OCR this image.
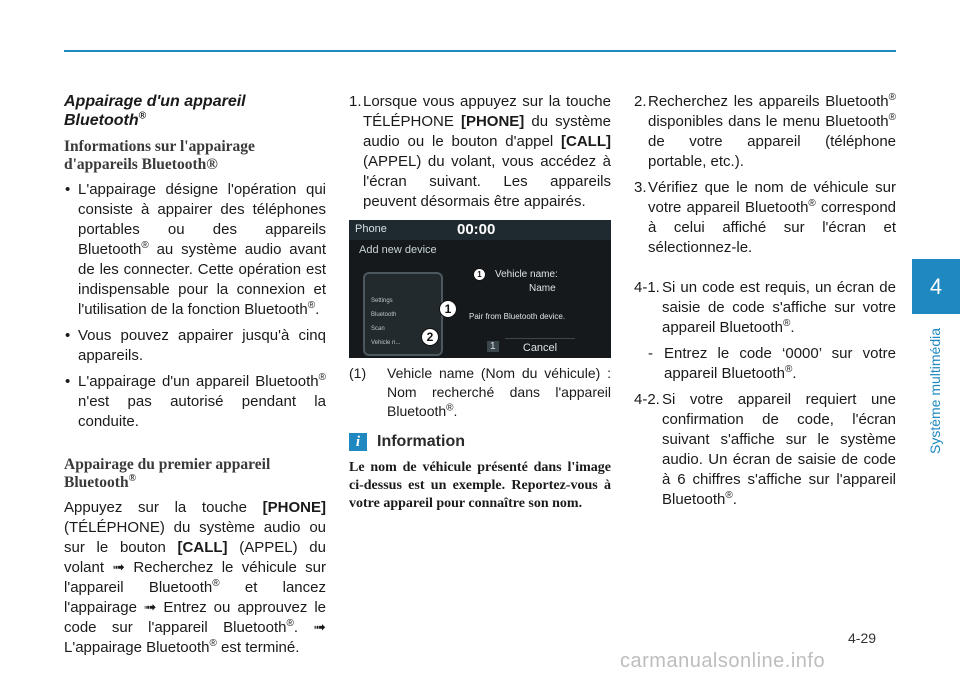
Appairage d'un appareil Bluetooth®
Informations sur l'appairage d'appareils Bluetooth®
• L'appairage désigne l'opération qui consiste à appairer des téléphones portables ou des appareils Bluetooth® au système audio avant de les connecter. Cette opération est indispensable pour la connexion et l'utilisation de la fonction Bluetooth®.
• Vous pouvez appairer jusqu'à cinq appareils.
• L'appairage d'un appareil Bluetooth® n'est pas autorisé pendant la conduite.
Appairage du premier appareil Bluetooth®
Appuyez sur la touche [PHONE] (TÉLÉPHONE) du système audio ou sur le bouton [CALL] (APPEL) du volant ➟ Recherchez le véhicule sur l'appareil Bluetooth® et lancez l'appairage ➟ Entrez ou approuvez le code sur l'appareil Bluetooth®. ➟ L'appairage Bluetooth® est terminé.
1. Lorsque vous appuyez sur la touche TÉLÉPHONE [PHONE] du système audio ou le bouton d'appel [CALL] (APPEL) du volant, vous accédez à l'écran suivant. Les appareils peuvent désormais être appairés.
Phone	00:00
Add new device
Settings
Bluetooth
Scan
Vehicle n...
1
2
1	Vehicle name:
Name
Pair from Bluetooth device.
1	Cancel
(1) Vehicle name (Nom du véhicule) : Nom recherché dans l'appareil Bluetooth®.
i	Information
Le nom de véhicule présenté dans l'image ci-dessus est un exemple. Reportez-vous à votre appareil pour connaître son nom.
2. Recherchez les appareils Bluetooth® disponibles dans le menu Bluetooth® de votre appareil (téléphone portable, etc.).
3. Vérifiez que le nom de véhicule sur votre appareil Bluetooth® correspond à celui affiché sur l'écran et sélectionnez-le.
4-1. Si un code est requis, un écran de saisie de code s'affiche sur votre appareil Bluetooth®.
- Entrez le code ‘0000’ sur votre appareil Bluetooth®.
4-2. Si votre appareil requiert une confirmation de code, l'écran suivant s'affiche sur le système audio. Un écran de saisie de code à 6 chiffres s'affiche sur l'appareil Bluetooth®.
4
Système multimédia
4-29
carmanualsonline.info
